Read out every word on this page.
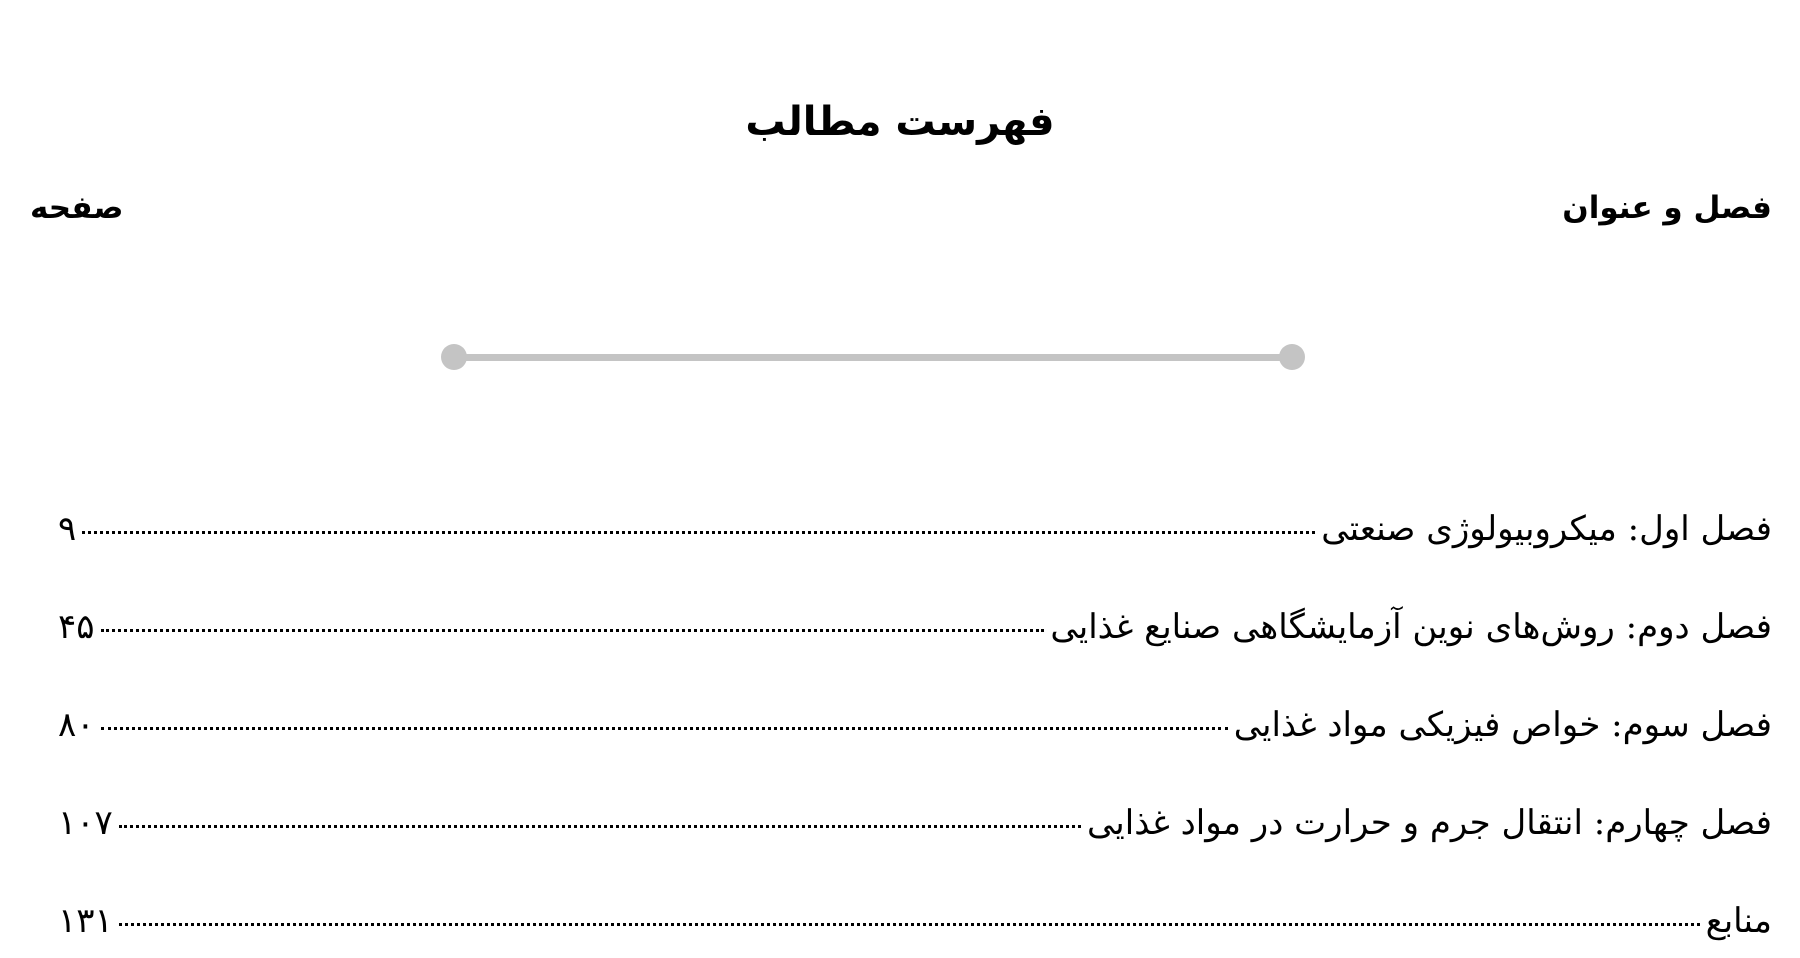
فهرست مطالب
فصل و عنوان
صفحه
فصل اول: میکروبیولوژی صنعتی
۹
فصل دوم: روش‌های نوین آزمایشگاهی صنایع غذایی
۴۵
فصل سوم: خواص فیزیکی مواد غذایی
۸۰
فصل چهارم: انتقال جرم و حرارت در مواد غذایی
۱۰۷
منابع
۱۳۱
